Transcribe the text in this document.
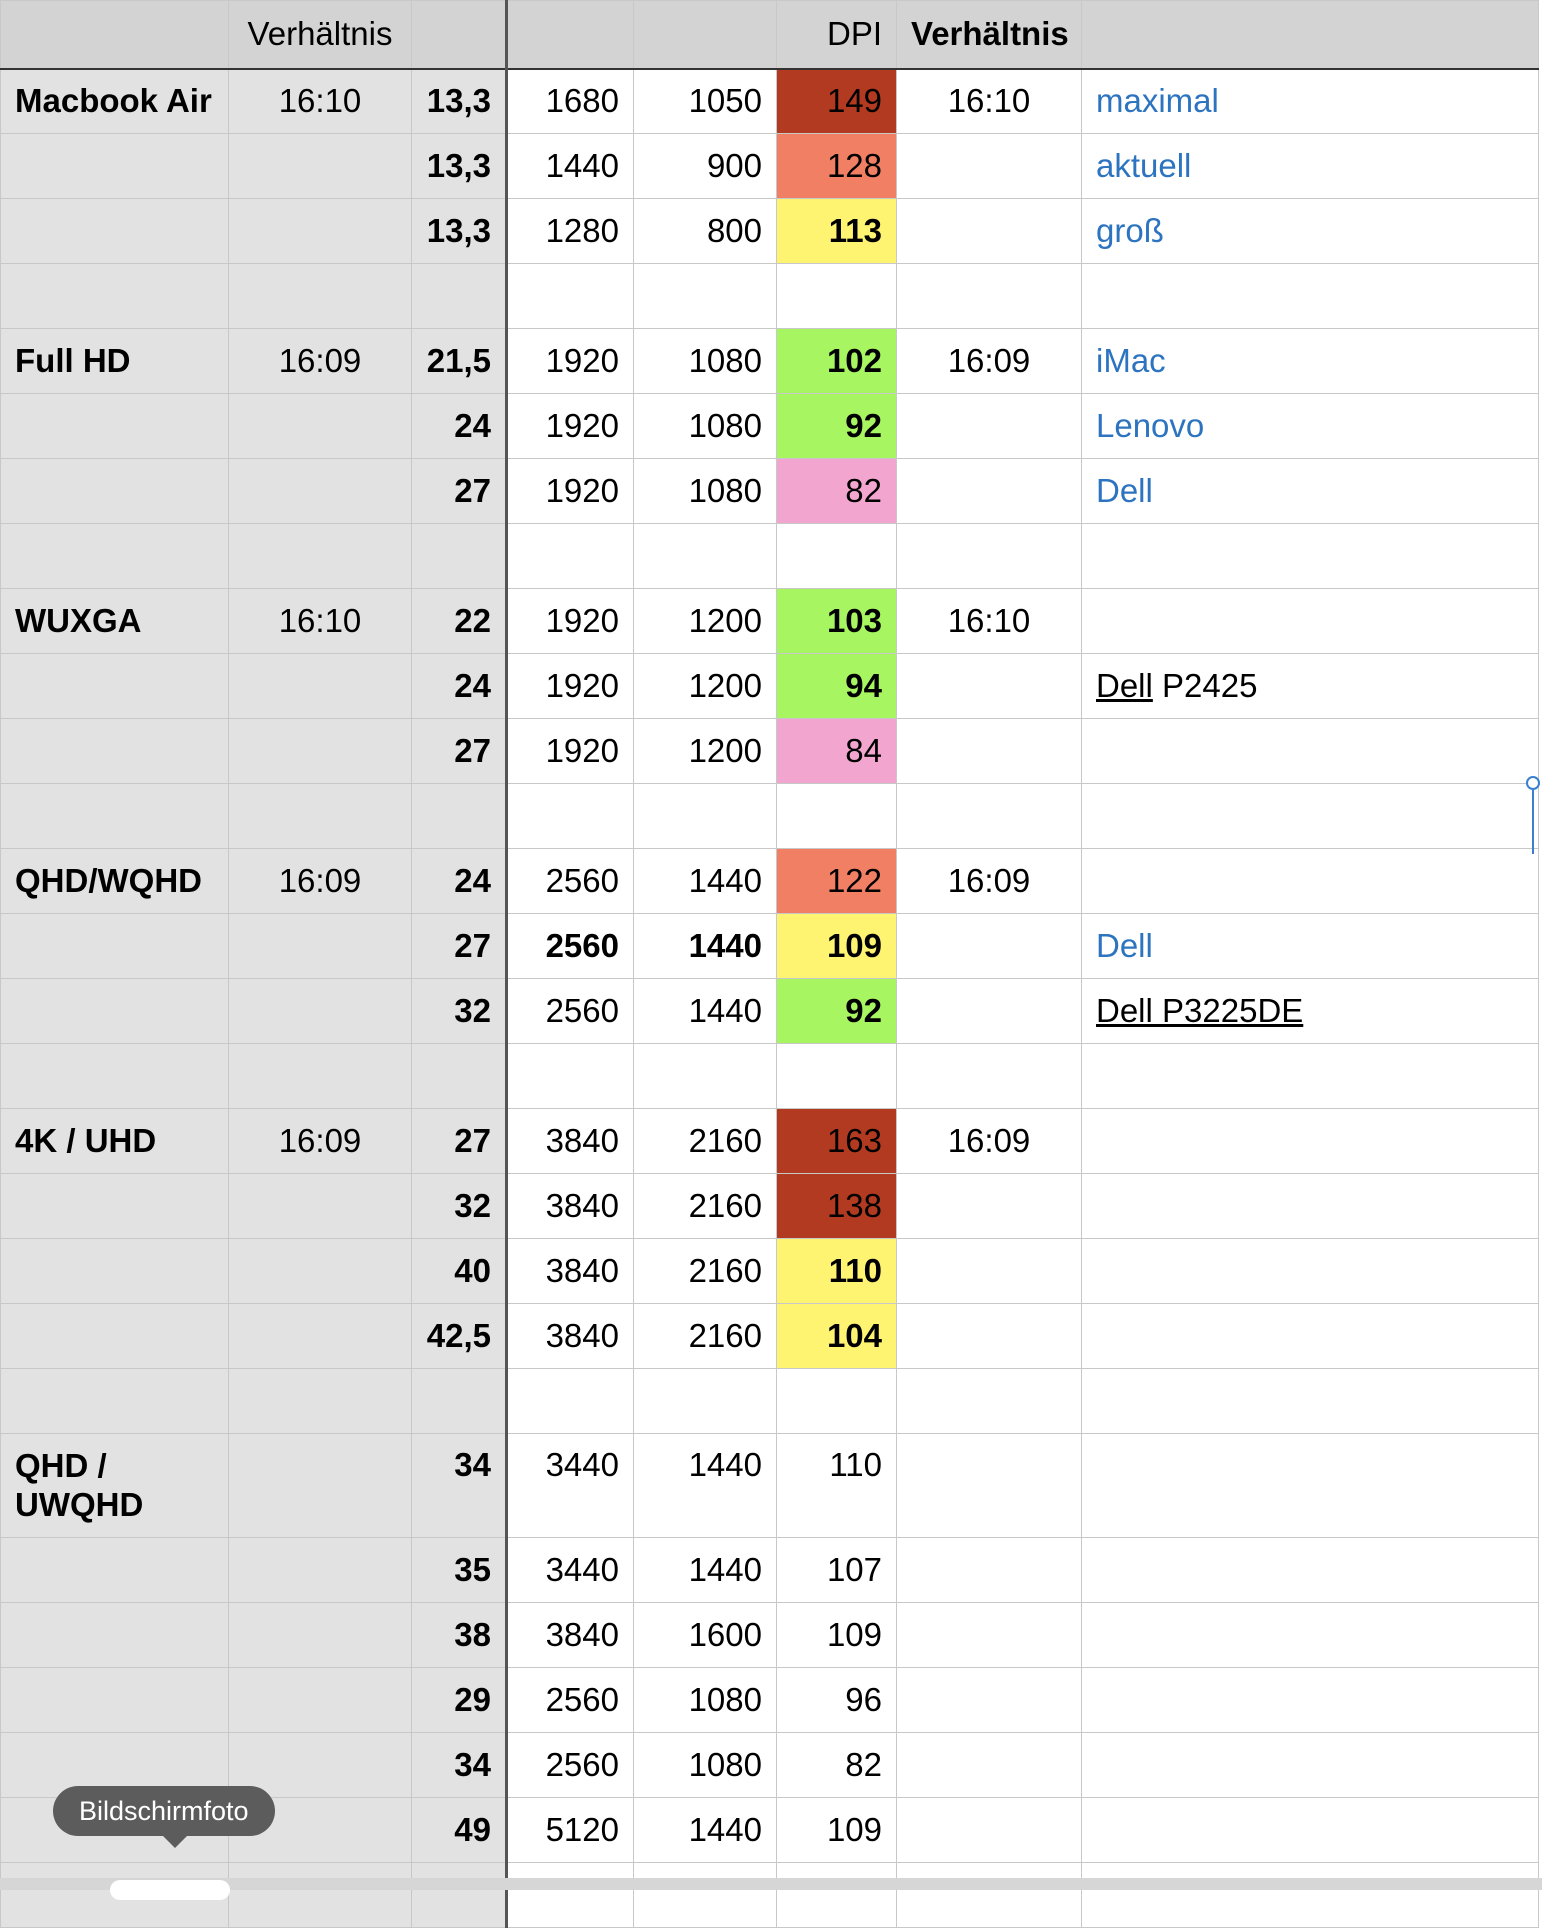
	Verhältnis				DPI	Verhältnis	
Macbook Air	16:10	13,3	1680	1050	149	16:10	maximal
		13,3	1440	900	128		aktuell
		13,3	1280	800	113		groß

Full HD	16:09	21,5	1920	1080	102	16:09	iMac
		24	1920	1080	92		Lenovo
		27	1920	1080	82		Dell

WUXGA	16:10	22	1920	1200	103	16:10	
		24	1920	1200	94		Dell P2425
		27	1920	1200	84		

QHD/WQHD	16:09	24	2560	1440	122	16:09	
		27	2560	1440	109		Dell
		32	2560	1440	92		Dell P3225DE

4K / UHD	16:09	27	3840	2160	163	16:09	
		32	3840	2160	138		
		40	3840	2160	110		
		42,5	3840	2160	104		

QHD / UWQHD		34	3440	1440	110		
		35	3440	1440	107		
		38	3840	1600	109		
		29	2560	1080	96		
		34	2560	1080	82		
		49	5120	1440	109		

Bildschirmfoto
